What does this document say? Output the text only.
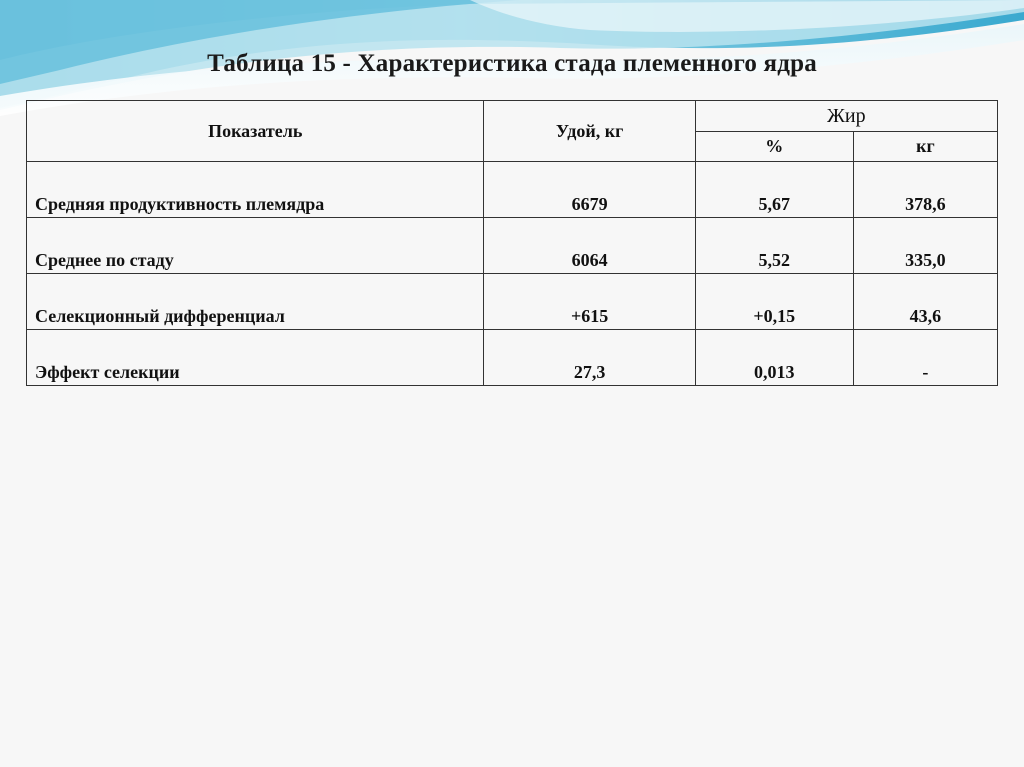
Таблица 15 - Характеристика стада племенного ядра
Показатель	Удой, кг	Жир	
		%	кг
Средняя продуктивность племядра	6679	5,67	378,6
Среднее по стаду	6064	5,52	335,0
Селекционный дифференциал	+615	+0,15	43,6
Эффект селекции	27,3	0,013	-
